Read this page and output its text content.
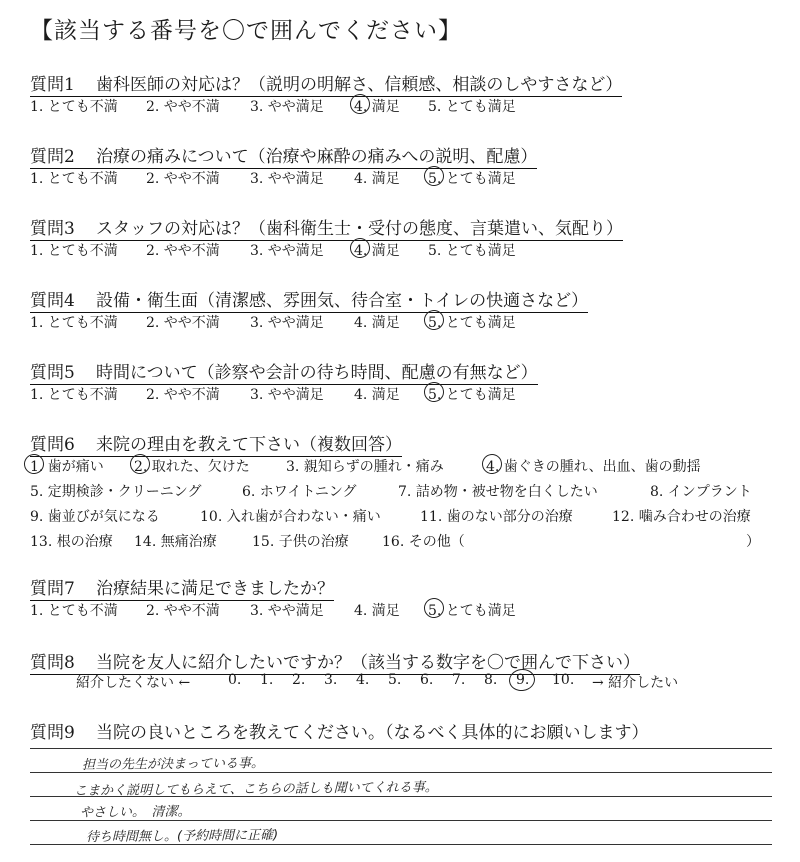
【該当する番号を〇で囲んでください】
質問1 歯科医師の対応は？（説明の明解さ、信頼感、相談のしやすさなど）
1. とても不満 2. やや不満 3. やや満足 4. 満足 5. とても満足
質問2 治療の痛みについて（治療や麻酔の痛みへの説明、配慮）
1. とても不満 2. やや不満 3. やや満足 4. 満足 5. とても満足
質問3 スタッフの対応は？（歯科衛生士・受付の態度、言葉遣い、気配り）
1. とても不満 2. やや不満 3. やや満足 4. 満足 5. とても満足
質問4 設備・衛生面（清潔感、雰囲気、待合室・トイレの快適さなど）
1. とても不満 2. やや不満 3. やや満足 4. 満足 5. とても満足
質問5 時間について（診察や会計の待ち時間、配慮の有無など）
1. とても不満 2. やや不満 3. やや満足 4. 満足 5. とても満足
質問6 来院の理由を教えて下さい（複数回答）
1. 歯が痛い 2. 取れた、欠けた	3. 親知らずの腫れ・痛み	4. 歯ぐきの腫れ、出血、歯の動揺
5. 定期検診・クリーニング	6. ホワイトニング	7. 詰め物・被せ物を白くしたい	8. インプラント
9. 歯並びが気になる	10. 入れ歯が合わない・痛い	11. 歯のない部分の治療	12. 噛み合わせの治療
13. 根の治療 14. 無痛治療	15. 子供の治療 16. その他（	）
質問7 治療結果に満足できましたか？
1. とても不満 2. やや不満 3. やや満足 4. 満足 5. とても満足
質問8 当院を友人に紹介したいですか？（該当する数字を〇で囲んで下さい）
紹介したくない ←	0. 1. 2. 3. 4. 5. 6. 7. 8. 9. 10. → 紹介したい
質問9 当院の良いところを教えてください。（なるべく具体的にお願いします）
担当の先生が決まっている事。
こまかく説明してもらえて、こちらの話しも聞いてくれる事。
やさしい。　清潔。
待ち時間無し。(予約時間に正確)
